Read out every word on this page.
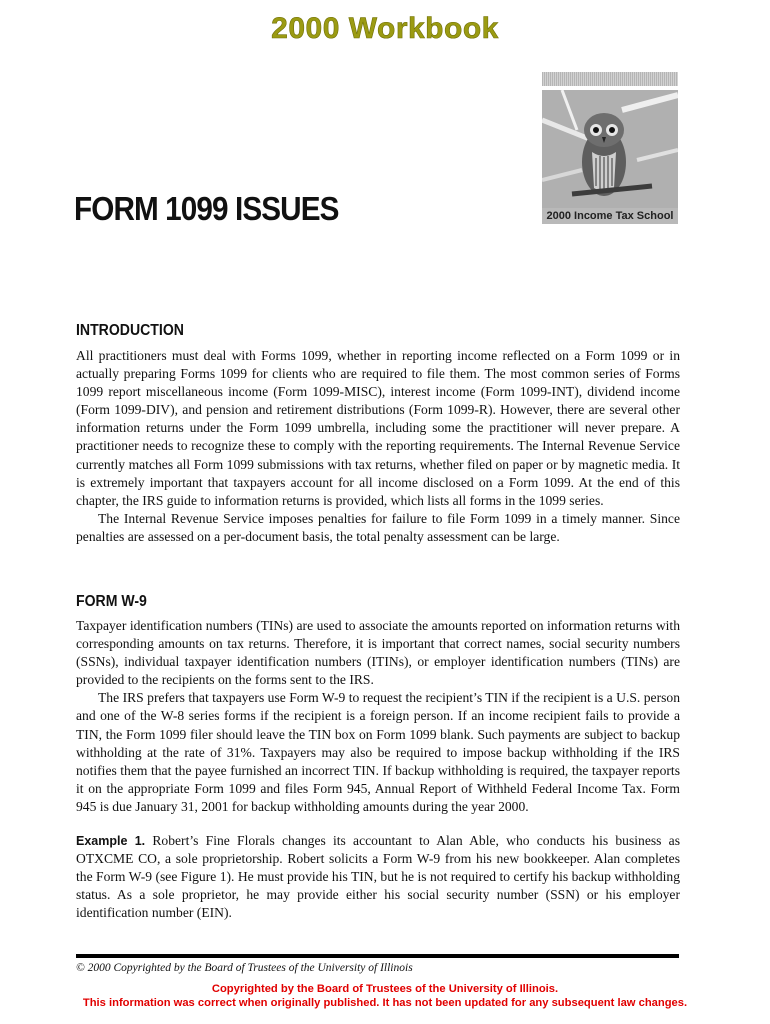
2000 Workbook
2000 Income Tax School
FORM 1099 ISSUES
INTRODUCTION

All practitioners must deal with Forms 1099, whether in reporting income reflected on a Form 1099 or in actually preparing Forms 1099 for clients who are required to file them. The most common series of Forms 1099 report miscellaneous income (Form 1099-MISC), interest income (Form 1099-INT), dividend income (Form 1099-DIV), and pension and retirement distributions (Form 1099-R). However, there are several other information returns under the Form 1099 umbrella, including some the practitioner will never prepare. A practitioner needs to recognize these to comply with the reporting requirements. The Internal Revenue Service currently matches all Form 1099 submissions with tax returns, whether filed on paper or by magnetic media. It is extremely important that taxpayers account for all income disclosed on a Form 1099. At the end of this chapter, the IRS guide to information returns is provided, which lists all forms in the 1099 series.

The Internal Revenue Service imposes penalties for failure to file Form 1099 in a timely manner. Since penalties are assessed on a per-document basis, the total penalty assessment can be large.

FORM W-9

Taxpayer identification numbers (TINs) are used to associate the amounts reported on information returns with corresponding amounts on tax returns. Therefore, it is important that correct names, social security numbers (SSNs), individual taxpayer identification numbers (ITINs), or employer identification numbers (TINs) are provided to the recipients on the forms sent to the IRS.

The IRS prefers that taxpayers use Form W-9 to request the recipient’s TIN if the recipient is a U.S. person and one of the W-8 series forms if the recipient is a foreign person. If an income recipient fails to provide a TIN, the Form 1099 filer should leave the TIN box on Form 1099 blank. Such payments are subject to backup withholding at the rate of 31%. Taxpayers may also be required to impose backup withholding if the IRS notifies them that the payee furnished an incorrect TIN. If backup withholding is required, the taxpayer reports it on the appropriate Form 1099 and files Form 945, Annual Report of Withheld Federal Income Tax. Form 945 is due January 31, 2001 for backup withholding amounts during the year 2000.

Example 1. Robert’s Fine Florals changes its accountant to Alan Able, who conducts his business as OTXCME CO, a sole proprietorship. Robert solicits a Form W-9 from his new bookkeeper. Alan completes the Form W-9 (see Figure 1). He must provide his TIN, but he is not required to certify his backup withholding status. As a sole proprietor, he may provide either his social security number (SSN) or his employer identification number (EIN).

© 2000 Copyrighted by the Board of Trustees of the University of Illinois
Copyrighted by the Board of Trustees of the University of Illinois.
This information was correct when originally published. It has not been updated for any subsequent law changes.
